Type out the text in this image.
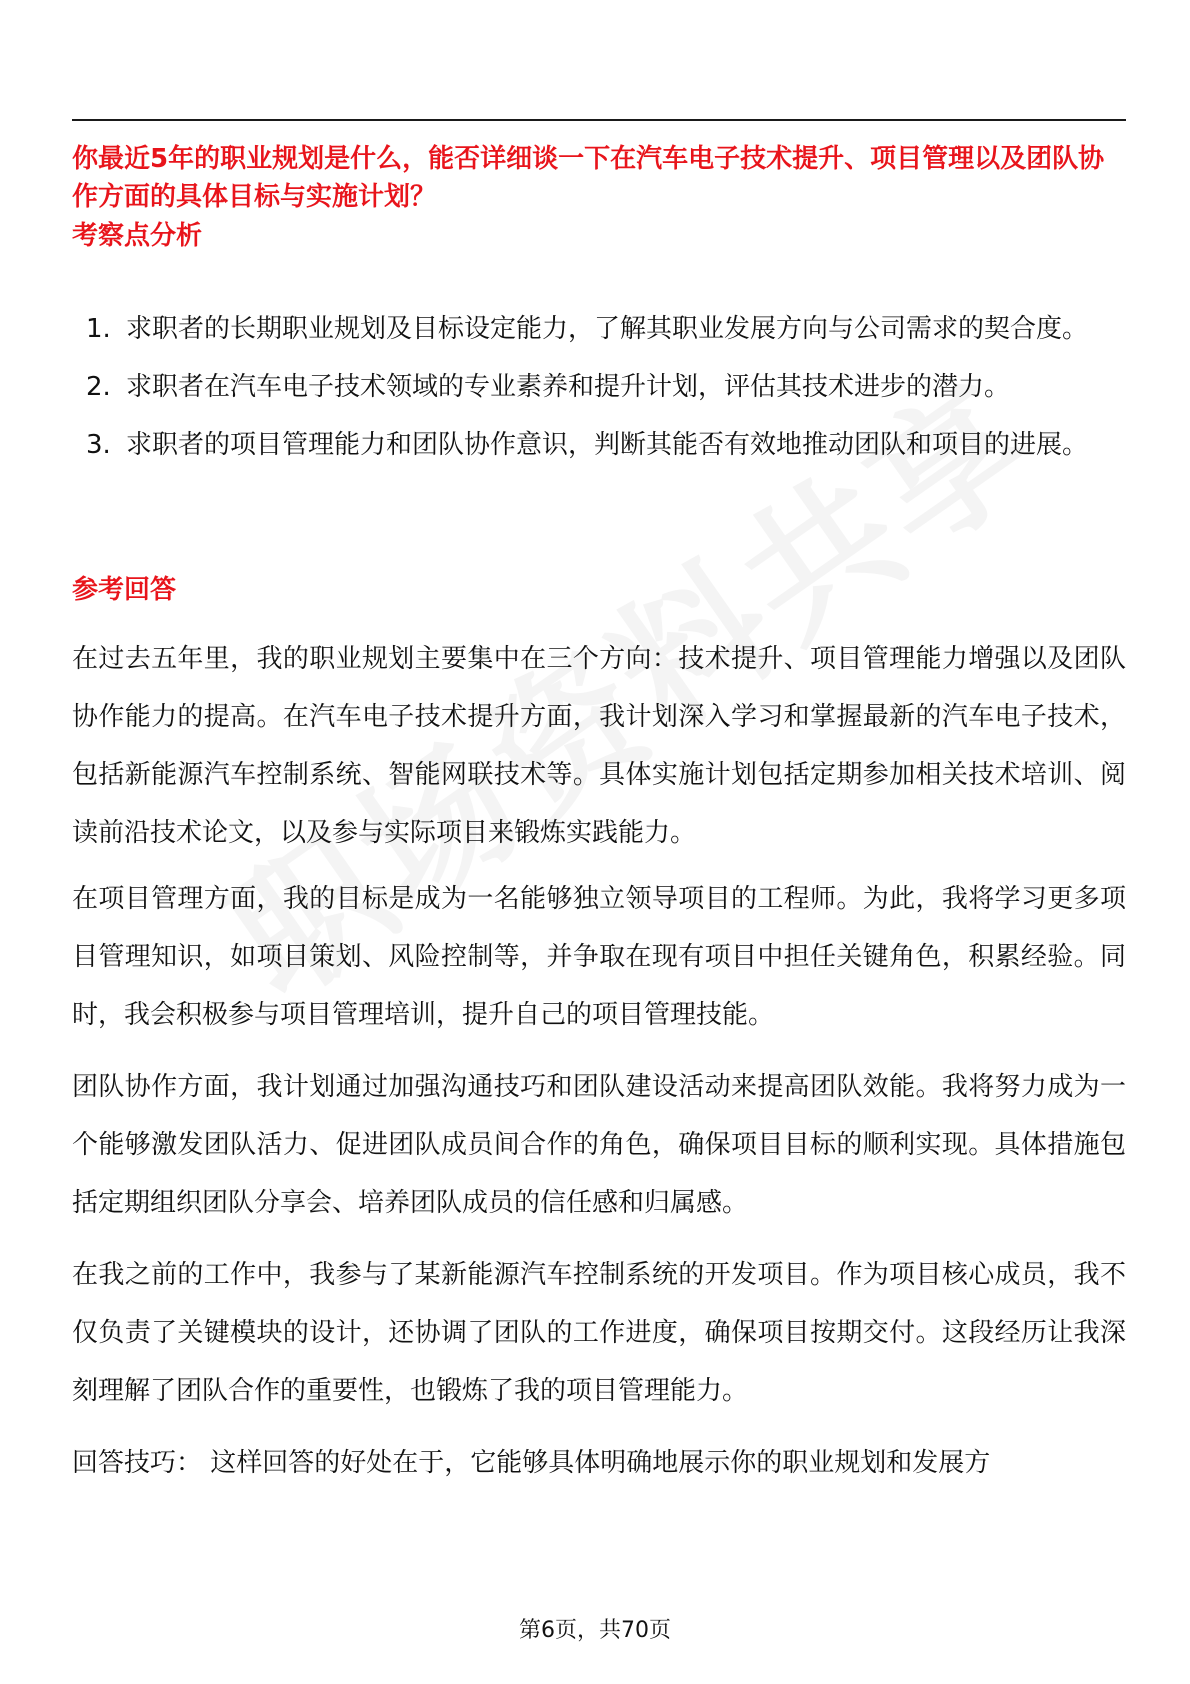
你最近5年的职业规划是什么，能否详细谈一下在汽车电子技术提升、项目管理以及团队协作方面的具体目标与实施计划？

考察点分析
1. 求职者的长期职业规划及目标设定能力，了解其职业发展方向与公司需求的契合度。
2. 求职者在汽车电子技术领域的专业素养和提升计划，评估其技术进步的潜力。
3. 求职者的项目管理能力和团队协作意识，判断其能否有效地推动团队和项目的进展。
参考回答

在过去五年里，我的职业规划主要集中在三个方向：技术提升、项目管理能力增强以及团队协作能力的提高。在汽车电子技术提升方面，我计划深入学习和掌握最新的汽车电子技术，包括新能源汽车控制系统、智能网联技术等。具体实施计划包括定期参加相关技术培训、阅读前沿技术论文，以及参与实际项目来锻炼实践能力。

在项目管理方面，我的目标是成为一名能够独立领导项目的工程师。为此，我将学习更多项目管理知识，如项目策划、风险控制等，并争取在现有项目中担任关键角色，积累经验。同时，我会积极参与项目管理培训，提升自己的项目管理技能。

团队协作方面，我计划通过加强沟通技巧和团队建设活动来提高团队效能。我将努力成为一个能够激发团队活力、促进团队成员间合作的角色，确保项目目标的顺利实现。具体措施包括定期组织团队分享会、培养团队成员的信任感和归属感。

在我之前的工作中，我参与了某新能源汽车控制系统的开发项目。作为项目核心成员，我不仅负责了关键模块的设计，还协调了团队的工作进度，确保项目按期交付。这段经历让我深刻理解了团队合作的重要性，也锻炼了我的项目管理能力。

回答技巧： 这样回答的好处在于，它能够具体明确地展示你的职业规划和发展方

第6页，共70页
